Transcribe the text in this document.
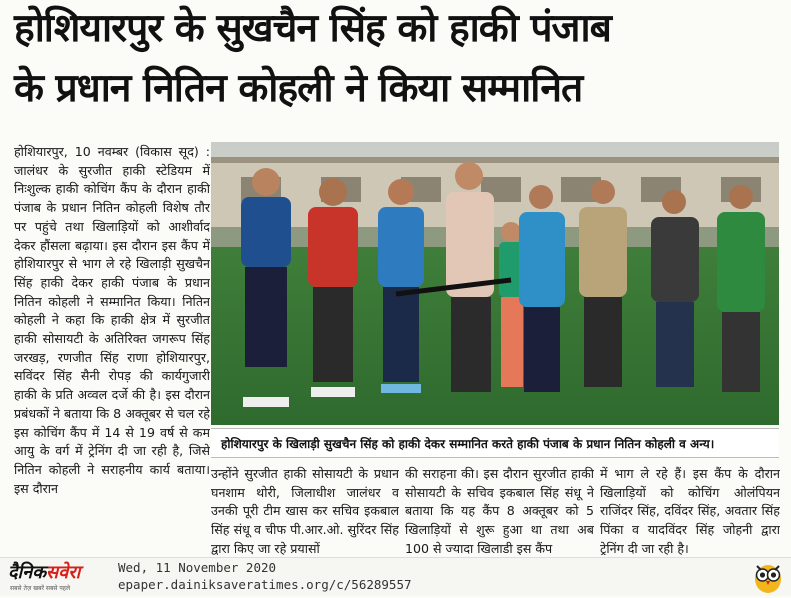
होशियारपुर के सुखचैन सिंह को हाकी पंजाब
के प्रधान नितिन कोहली ने किया सम्मानित
होशियारपुर, 10 नवम्बर (विकास सूद) : जालंधर के सुरजीत हाकी स्टेडियम में निःशुल्क हाकी कोचिंग कैंप के दौरान हाकी पंजाब के प्रधान नितिन कोहली विशेष तौर पर पहुंचे तथा खिलाड़ियों को आशीर्वाद देकर हौंसला बढ़ाया। इस दौरान इस कैंप में होशियारपुर से भाग ले रहे खिलाड़ी सुखचैन सिंह हाकी देकर हाकी पंजाब के प्रधान नितिन कोहली ने सम्मानित किया। नितिन कोहली ने कहा कि हाकी क्षेत्र में सुरजीत हाकी सोसायटी के अतिरिक्त जगरूप सिंह जरखड़, रणजीत सिंह राणा होशियारपुर, सविंदर सिंह सैनी रोपड़ की कार्यगुजारी हाकी के प्रति अव्वल दर्जे की है। इस दौरान प्रबंधकों ने बताया कि 8 अक्तूबर से चल रहे इस कोचिंग कैंप में 14 से 19 वर्ष से कम आयु के वर्ग में ट्रेनिंग दी जा रही है, जिसे नितिन कोहली ने सराहनीय कार्य बताया। इस दौरान
होशियारपुर के खिलाड़ी सुखचैन सिंह को हाकी देकर सम्मानित करते हाकी पंजाब के प्रधान नितिन कोहली व अन्य।
उन्होंने सुरजीत हाकी सोसायटी के प्रधान घनशाम थोरी, जिलाधीश जालंधर व उनकी पूरी टीम खास कर सचिव इकबाल सिंह संधू व चीफ पी.आर.ओ. सुरिंदर सिंह द्वारा किए जा रहे प्रयासों
की सराहना की। इस दौरान सुरजीत हाकी सोसायटी के सचिव इकबाल सिंह संधू ने बताया कि यह कैंप 8 अक्तूबर को 5 खिलाड़ियों से शुरू हुआ था तथा अब 100 से ज्यादा खिलाडी इस कैंप
में भाग ले रहे हैं। इस कैंप के दौरान खिलाड़ियों को कोचिंग ओलंपियन राजिंदर सिंह, दविंदर सिंह, अवतार सिंह पिंका व यादविंदर सिंह जोहनी द्वारा ट्रेनिंग दी जा रही है।
दैनिकसवेरा
सबसे तेज़ खबरें सबसे पहले
Wed, 11 November 2020
epaper.dainiksaveratimes.org/c/56289557
